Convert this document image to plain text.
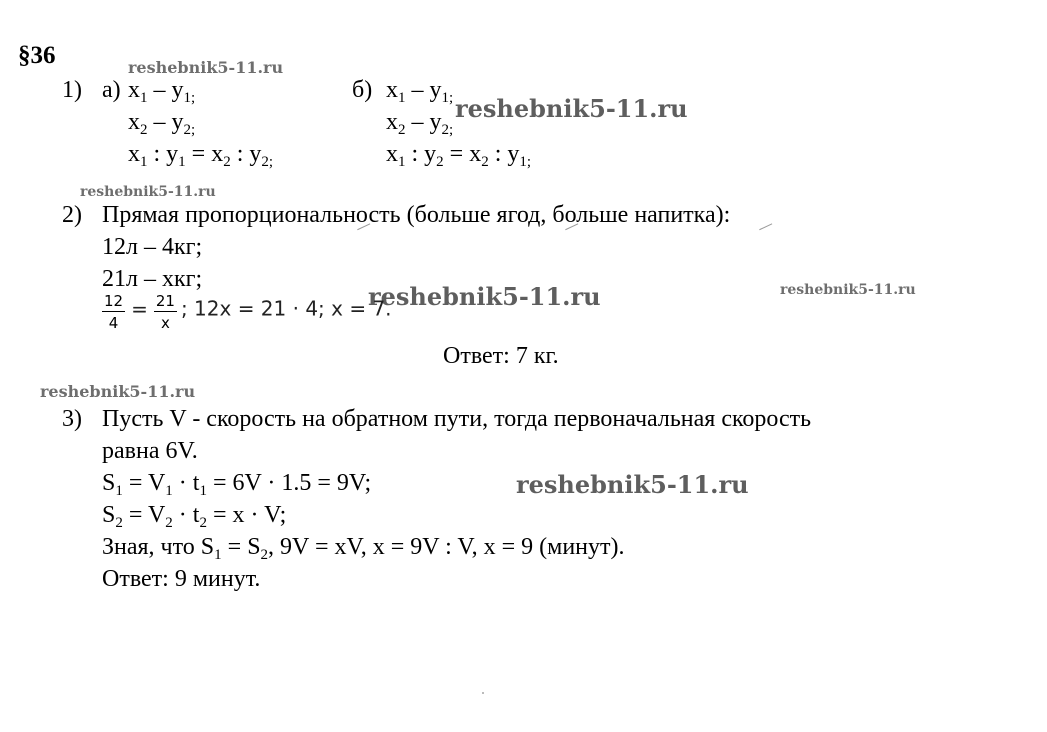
§36	reshebnik5-11.ru
reshebnik5-11.ru
reshebnik5-11.ru
reshebnik5-11.ru	reshebnik5-11.ru
reshebnik5-11.ru
reshebnik5-11.ru
1) а) $x_1 - y_{1;}$
$x_2 - y_{2;}$
$x_1$ : $y_1 = x_2$ : $y_{2;}$
б) $x_1 - y_{1;}$
$x_2 - y_{2;}$
$x_1$ : $y_2 = x_2$ : $y_{1;}$
2) Прямая пропорциональность (больше ягод, больше напитка):
12л – 4кг;
21л – хкг;
$\frac{12}{4} = \frac{21}{x}$ ; 12x = 21 · 4; x = 7.
Ответ: 7 кг.
3) Пусть V - скорость на обратном пути, тогда первоначальная скорость
равна 6V.
$S_1 = V_1 \cdot t_1 = 6V \cdot 1.5 = 9V$;
$S_2 = V_2 \cdot t_2 = x \cdot V$;
Зная, что $S_1 = S_2$, 9V = xV, x = 9V : V, x = 9 (минут).
Ответ: 9 минут.
